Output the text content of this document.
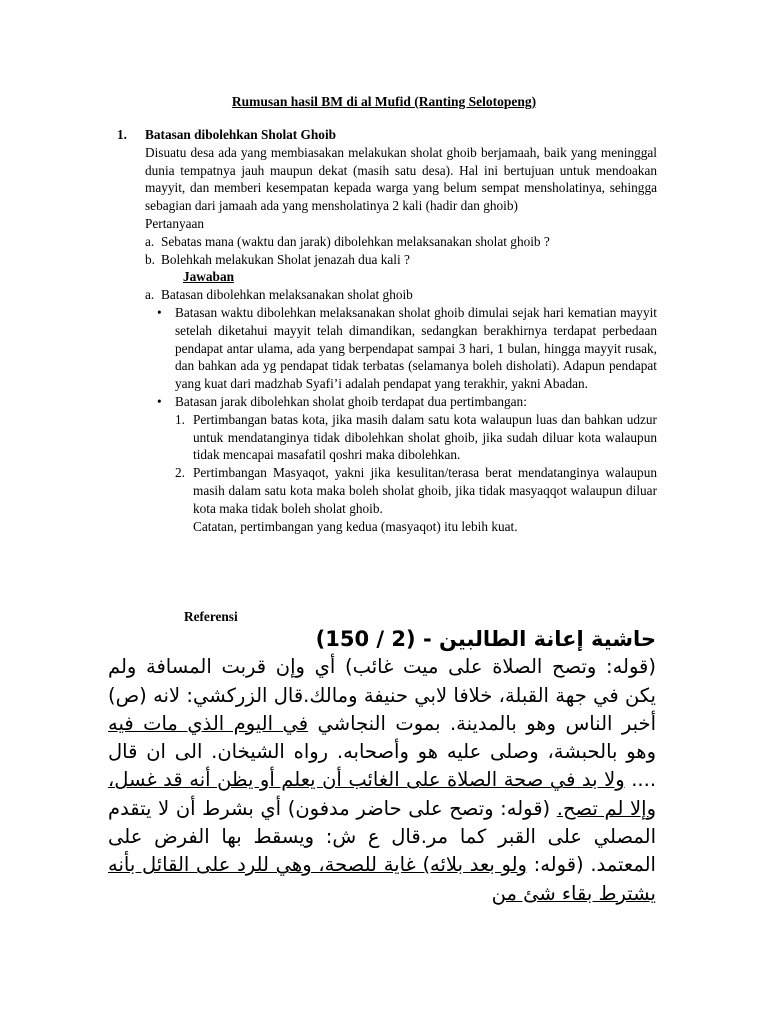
Rumusan hasil BM di al Mufid (Ranting Selotopeng)
1. Batasan dibolehkan Sholat Ghoib

Disuatu desa ada yang membiasakan melakukan sholat ghoib berjamaah, baik yang meninggal dunia tempatnya jauh maupun dekat (masih satu desa). Hal ini bertujuan untuk mendoakan mayyit, dan memberi kesempatan kepada warga yang belum sempat mensholatinya, sehingga sebagian dari jamaah ada yang mensholatinya 2 kali (hadir dan ghoib)

Pertanyaan

a. Sebatas mana (waktu dan jarak) dibolehkan melaksanakan sholat ghoib ?

b. Bolehkah melakukan Sholat jenazah dua kali ?

Jawaban

a. Batasan dibolehkan melaksanakan sholat ghoib

• Batasan waktu dibolehkan melaksanakan sholat ghoib dimulai sejak hari kematian mayyit setelah diketahui mayyit telah dimandikan, sedangkan berakhirnya terdapat perbedaan pendapat antar ulama, ada yang berpendapat sampai 3 hari, 1 bulan, hingga mayyit rusak, dan bahkan ada yg pendapat tidak terbatas (selamanya boleh disholati). Adapun pendapat yang kuat dari madzhab Syafi’i adalah pendapat yang terakhir, yakni Abadan.
• Batasan jarak dibolehkan sholat ghoib terdapat dua pertimbangan:
1. Pertimbangan batas kota, jika masih dalam satu kota walaupun luas dan bahkan udzur untuk mendatanginya tidak dibolehkan sholat ghoib, jika sudah diluar kota walaupun tidak mencapai masafatil qoshri maka dibolehkan.
2. Pertimbangan Masyaqot, yakni jika kesulitan/terasa berat mendatanginya walaupun masih dalam satu kota maka boleh sholat ghoib, jika tidak masyaqqot walaupun diluar kota maka tidak boleh sholat ghoib.
Catatan, pertimbangan yang kedua (masyaqot) itu lebih kuat.
Referensi
حاشية إعانة الطالبين - (2 / 150)

(قوله: وتصح الصلاة على ميت غائب) أي وإن قربت المسافة ولم يكن في جهة القبلة، خلافا لابي حنيفة ومالك.قال الزركشي: لانه (ص) أخبر الناس وهو بالمدينة. بموت النجاشي في اليوم الذي مات فيه وهو بالحبشة، وصلى عليه هو وأصحابه. رواه الشيخان. الى ان قال .... ولا بد في صحة الصلاة على الغائب أن يعلم أو يظن أنه قد غسل، وإلا لم تصح. (قوله: وتصح على حاضر مدفون) أي بشرط أن لا يتقدم المصلي على القبر كما مر.قال ع ش: ويسقط بها الفرض على المعتمد. (قوله: ولو بعد بلائه) غاية للصحة، وهي للرد على القائل بأنه يشترط بقاء شئ من
